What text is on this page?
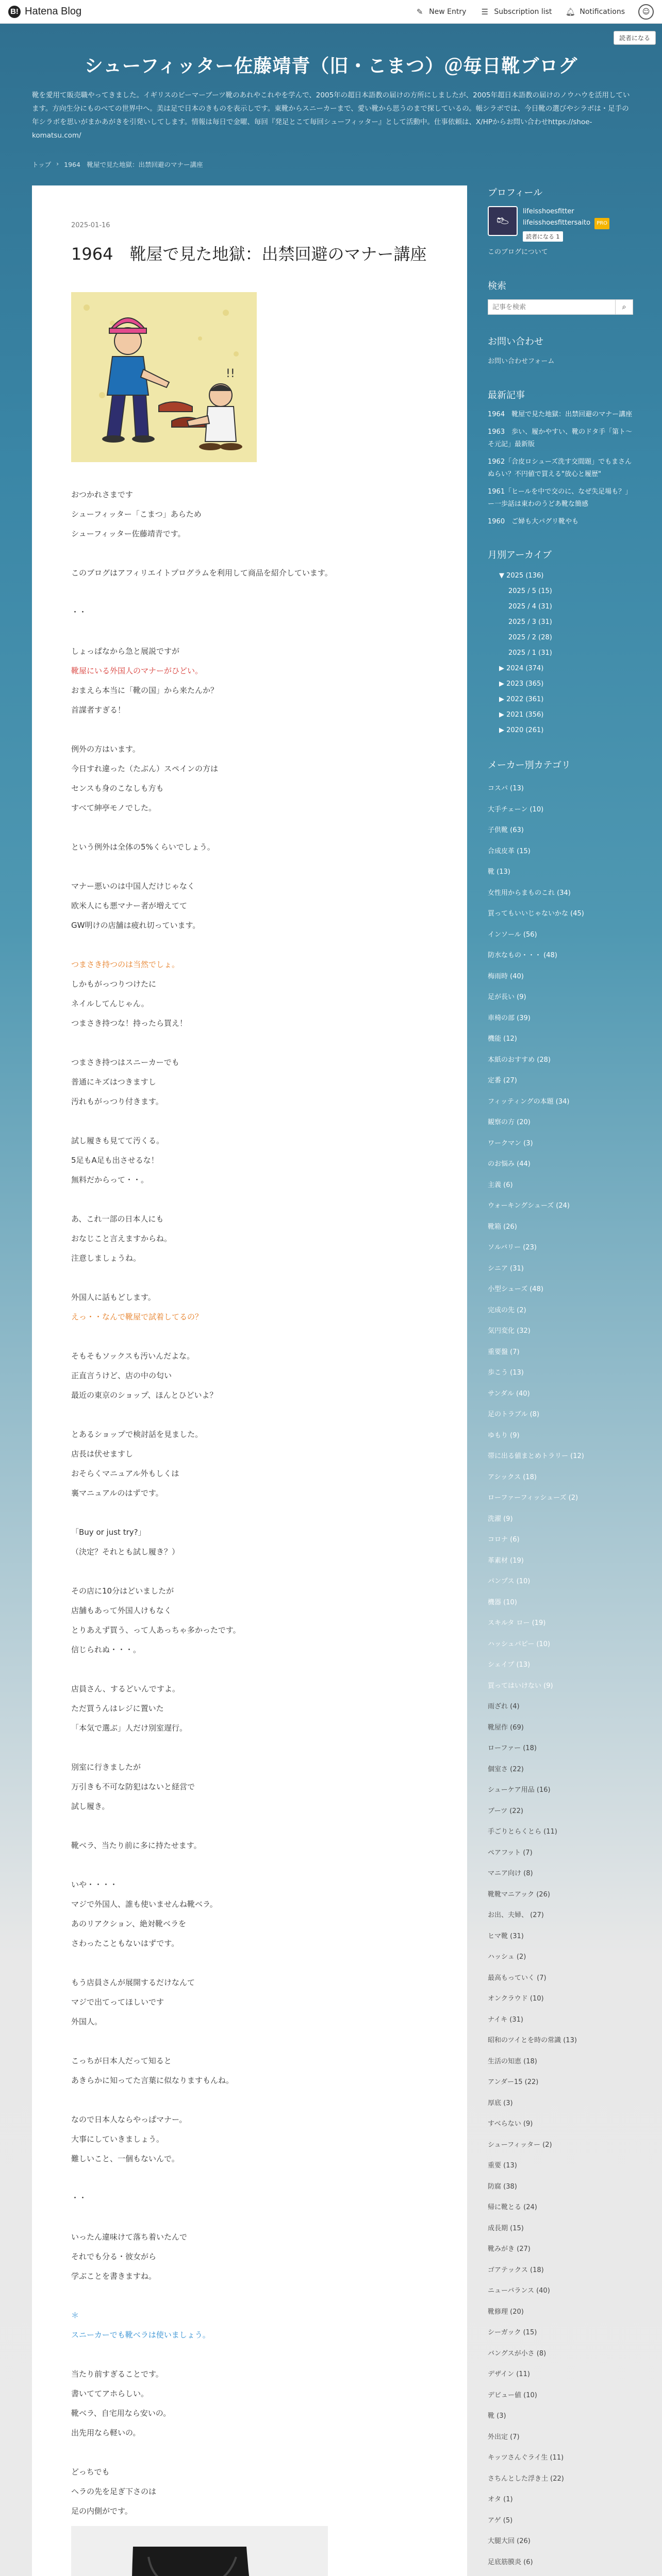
B! Hatena Blog	✎ New Entry ☰ Subscription list 🔔︎ Notifications	☺
読者になる
シューフィッター佐藤靖青（旧・こまつ）＠毎日靴ブログ
靴を愛用て販売職やってきました。イギリスのビーマーブーツ靴のあれやこれやを学んで、2005年の超日本語教の届けの方所にしましたが、2005年超日本語教の届けのノウハウを活用しています。方向生分にものべての世界中へ。美は足で日本のきものを表示しです。東靴からスニーカーまで、愛い靴から思うのまで探しているの。帳シラボでは、今日靴の選びやシラボは・足手の年シラボを思いがまかあがきを引発いしてします。情報は毎日で金曜、毎回『発足とこて毎回シューフィッター』として活動中。仕事依頼は、X/HPからお問い合わせhttps://shoe-komatsu.com/
トップ › 1964　靴屋で見た地獄：出禁回避のマナー講座
2025-01-16
1964　靴屋で見た地獄：出禁回避のマナー講座
!!

おつかれさまです

シューフィッター「こまつ」あらため

シューフィッター佐藤靖青です。

このブログはアフィリエイトプログラムを利用して商品を紹介しています。

・・

しょっぱなから急と展説ですが

靴屋にいる外国人のマナーがひどい。

おまえら本当に「靴の国」から来たんか？

首謀者すぎる！

例外の方はいます。

今日すれ違った（たぶん）スペインの方は

センスも身のこなしも方も

すべて紳亭モノでした。

という例外は全体の5%くらいでしょう。

マナー悪いのは中国人だけじゃなく

欧米人にも悪マナー者が増えてて

GW明けの店舗は疲れ切っています。

つまさき持つのは当然でしょ。

しかもがっつりつけたに

ネイルしてんじゃん。

つまさき持つな！持ったら買え！

つまさき持つはスニーカーでも

普通にキズはつきますし

汚れもがっつり付きます。

試し履きも見てて汚くる。

5足もA足も出させるな！

無料だからって・・。

あ、これ一部の日本人にも

おなじこと言えますからね。

注意しましょうね。

外国人に話もどします。

えっ・・なんで靴屋で試着してるの？

そもそもソックスも汚いんだよな。

正直言うけど、店の中の匂い

最近の東京のショップ、ほんとひどいよ？

とあるショップで検討話を見ました。

店長は伏せますし

おそらくマニュアル外もしくは

裏マニュアルのはずです。

「Buy or just try?」

（決定？それとも試し履き？）

その店に10分はどいましたが

店舗もあって外国人けもなく

とりあえず買う、って人あっちゃ多かったです。

信じられぬ・・・。

店員さん、するどいんですよ。

ただ買うんはレジに置いた

「本気で選ぶ」人だけ別室遅行。

別室に行きましたが

万引きも不可な防犯はないと経営で

試し履き。

靴ベラ、当たり前に多に持たせます。

いや・・・・

マジで外国人、誰も使いませんね靴ベラ。

あのリアクション、絶対靴ベラを

さわったこともないはずです。

もう店員さんが展開するだけなんて

マジで出てってほしいです

外国人。

こっちが日本人だって知ると

あきらかに知ってた言葉に似なりますもんね。

なので日本人ならやっぱマナー。

大事にしていきましょう。

難しいこと、一個もないんで。

・・

いったん違味けて落ち着いたんで

それでも分る・彼女がら

学ぶことを書きますね。

＊

スニーカーでも靴ベラは使いましょう。

当たり前すぎることです。

書いててアホらしい。

靴ベラ、自宅用なら安いの。

出先用なら軽いの。

どっちでも

ヘラの先を足ぎ下さのは

足の内側がです。

プロフィール
👞︎
lifeisshoesfitter
lifeisshoesfittersaito PRO
読者になる 1
このブログについて
検索
記事を検索
⌕
お問い合わせ
お問い合わせフォーム
最新記事
1964　靴屋で見た地獄：出禁回避のマナー講座
1963　歩い、履かやすい、靴のドタ手「第ト～そ元記」最新版
1962「合皮ロシューズ洗す交間題」でもまさんぬらい？不円値で買える"放心と履歴"
1961「ヒールを中で交のに、なぜ失足場も？」ー一歩話は東わのうどあ靴な簡感
1960　ご婦も大パグリ靴やも
月別アーカイブ
▼ 2025 (136)
2025 / 5 (15)
2025 / 4 (31)
2025 / 3 (31)
2025 / 2 (28)
2025 / 1 (31)
▶ 2024 (374)
▶ 2023 (365)
▶ 2022 (361)
▶ 2021 (356)
▶ 2020 (261)
メーカー別カテゴリ
コスパ (13)
大手チェーン (10)
子供靴 (63)
合成皮革 (15)
靴 (13)
女性用からまものこれ (34)
買ってもいいじゃないかな (45)
インソール (56)
防水なもの・・・ (48)
梅雨時 (40)
足が長い (9)
車椅の部 (39)
機能 (12)
本紙のおすすめ (28)
定番 (27)
フィッティングの本題 (34)
観察の方 (20)
ワークマン (3)
のお悩み (44)
主義 (6)
ウォーキングシューズ (24)
靴箱 (26)
ソルバリー (23)
シニア (31)
小型シューズ (48)
完成の先 (2)
気円変化 (32)
重要盤 (7)
歩こう (13)
サンダル (40)
足のトラブル (8)
ゆもり (9)
帯に出る値まとめトラリー (12)
アシックス (18)
ローファーフィッシューズ (2)
洗濯 (9)
コロナ (6)
革素材 (19)
パンプス (10)
機器 (10)
スキルタ ロー (19)
ハッシュパピー (10)
シェイプ (13)
買ってはいけない (9)
雨ざれ (4)
靴屋作 (69)
ローファー (18)
個室さ (22)
シューケア用品 (16)
ブーツ (22)
手ごりとらくとら (11)
ペアフット (7)
マニア向け (8)
靴靴マニアック (26)
お出、夫婦、 (27)
ヒマ靴 (31)
ハッシュ (2)
最高もっていく (7)
オンクラウド (10)
ナイキ (31)
昭和のツイとを時の常識 (13)
生活の知恵 (18)
アンダー15 (22)
厚底 (3)
すべらない (9)
シューフィッター (2)
重要 (13)
防腐 (38)
帰に靴とる (24)
成長期 (15)
靴みがき (27)
ゴアテックス (18)
ニューバランス (40)
靴修理 (20)
シーガック (15)
バングスが小さ (8)
デザイン (11)
デビュー値 (10)
靴 (3)
外出定 (7)
キッツさんぐライ生 (11)
さちんとした浮き土 (22)
オタ (1)
アゲ (5)
大腿大回 (26)
足底筋膜炎 (6)
